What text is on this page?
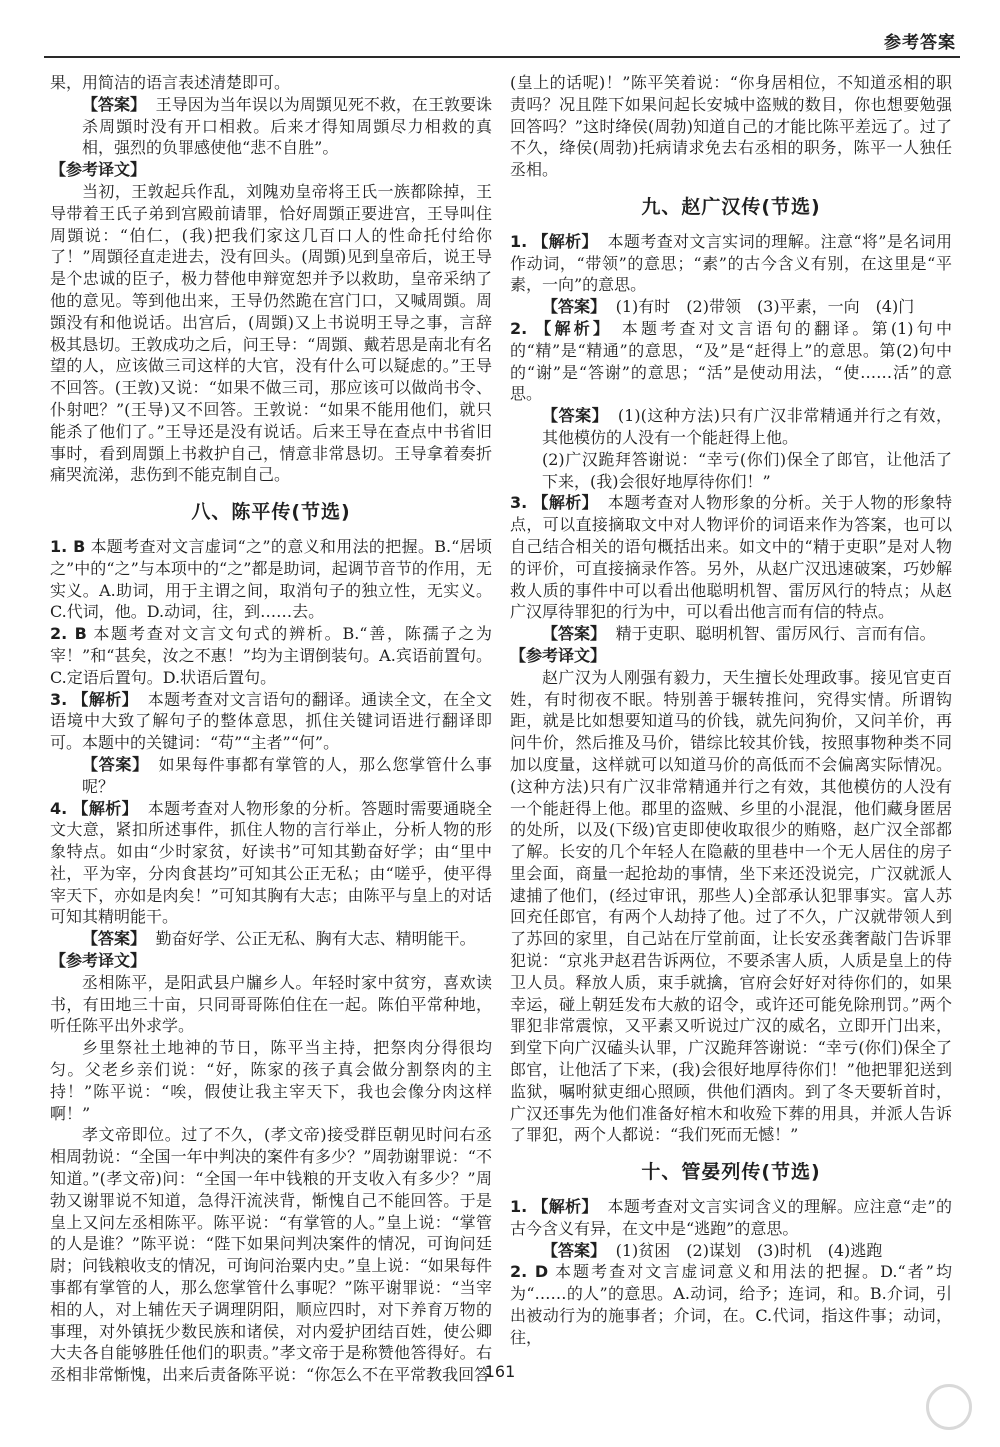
参考答案

果，用简洁的语言表述清楚即可。

【答案】 王导因为当年误以为周顗见死不救，在王敦要诛杀周顗时没有开口相救。后来才得知周顗尽力相救的真相，强烈的负罪感使他“悲不自胜”。

【参考译文】

当初，王敦起兵作乱，刘隗劝皇帝将王氏一族都除掉，王导带着王氏子弟到宫殿前请罪，恰好周顗正要进宫，王导叫住周顗说：“伯仁，(我)把我们家这几百口人的性命托付给你了！”周顗径直走进去，没有回头。(周顗)见到皇帝后，说王导是个忠诚的臣子，极力替他申辩宽恕并予以救助，皇帝采纳了他的意见。等到他出来，王导仍然跪在宫门口，又喊周顗。周顗没有和他说话。出宫后，(周顗)又上书说明王导之事，言辞极其恳切。王敦成功之后，问王导：“周顗、戴若思是南北有名望的人，应该做三司这样的大官，没有什么可以疑虑的。”王导不回答。(王敦)又说：“如果不做三司，那应该可以做尚书令、仆射吧？”(王导)又不回答。王敦说：“如果不能用他们，就只能杀了他们了。”王导还是没有说话。后来王导在查点中书省旧事时，看到周顗上书救护自己，情意非常恳切。王导拿着奏折痛哭流涕，悲伤到不能克制自己。

八、陈平传(节选)

1. B 本题考查对文言虚词“之”的意义和用法的把握。B.“居顷之”中的“之”与本项中的“之”都是助词，起调节音节的作用，无实义。A.助词，用于主谓之间，取消句子的独立性，无实义。C.代词，他。D.动词，往，到……去。

2. B 本题考查对文言文句式的辨析。B.“善，陈孺子之为宰！”和“甚矣，汝之不惠！”均为主谓倒装句。A.宾语前置句。C.定语后置句。D.状语后置句。

3. 【解析】 本题考查对文言语句的翻译。通读全文，在全文语境中大致了解句子的整体意思，抓住关键词语进行翻译即可。本题中的关键词：“苟”“主者”“何”。

【答案】 如果每件事都有掌管的人，那么您掌管什么事呢？

4. 【解析】 本题考查对人物形象的分析。答题时需要通晓全文大意，紧扣所述事件，抓住人物的言行举止，分析人物的形象特点。如由“少时家贫，好读书”可知其勤奋好学；由“里中社，平为宰，分肉食甚均”可知其公正无私；由“嗟乎，使平得宰天下，亦如是肉矣！”可知其胸有大志；由陈平与皇上的对话可知其精明能干。

【答案】 勤奋好学、公正无私、胸有大志、精明能干。

【参考译文】

丞相陈平，是阳武县户牖乡人。年轻时家中贫穷，喜欢读书，有田地三十亩，只同哥哥陈伯住在一起。陈伯平常种地，听任陈平出外求学。

乡里祭社土地神的节日，陈平当主持，把祭肉分得很均匀。父老乡亲们说：“好，陈家的孩子真会做分割祭肉的主持！”陈平说：“唉，假使让我主宰天下，我也会像分肉这样啊！”

孝文帝即位。过了不久，(孝文帝)接受群臣朝见时问右丞相周勃说：“全国一年中判决的案件有多少？”周勃谢罪说：“不知道。”(孝文帝)问：“全国一年中钱粮的开支收入有多少？”周勃又谢罪说不知道，急得汗流浃背，惭愧自己不能回答。于是皇上又问左丞相陈平。陈平说：“有掌管的人。”皇上说：“掌管的人是谁？”陈平说：“陛下如果问判决案件的情况，可询问廷尉；问钱粮收支的情况，可询问治粟内史。”皇上说：“如果每件事都有掌管的人，那么您掌管什么事呢？”陈平谢罪说：“当宰相的人，对上辅佐天子调理阴阳，顺应四时，对下养育万物的事理，对外镇抚少数民族和诸侯，对内爱护团结百姓，使公卿大夫各自能够胜任他们的职责。”孝文帝于是称赞他答得好。右丞相非常惭愧，出来后责备陈平说：“你怎么不在平常教我回答

(皇上的话呢)！”陈平笑着说：“你身居相位，不知道丞相的职责吗？况且陛下如果问起长安城中盗贼的数目，你也想要勉强回答吗？”这时绛侯(周勃)知道自己的才能比陈平差远了。过了不久，绛侯(周勃)托病请求免去右丞相的职务，陈平一人独任丞相。

九、赵广汉传(节选)

1. 【解析】 本题考查对文言实词的理解。注意“将”是名词用作动词，“带领”的意思；“素”的古今含义有别，在这里是“平素，一向”的意思。

【答案】 (1)有时　(2)带领　(3)平素，一向　(4)门

2. 【解析】 本题考查对文言语句的翻译。第(1)句中的“精”是“精通”的意思，“及”是“赶得上”的意思。第(2)句中的“谢”是“答谢”的意思；“活”是使动用法，“使……活”的意思。

【答案】 (1)(这种方法)只有广汉非常精通并行之有效，其他模仿的人没有一个能赶得上他。

(2)广汉跪拜答谢说：“幸亏(你们)保全了郎官，让他活了下来，(我)会很好地厚待你们！”

3. 【解析】 本题考查对人物形象的分析。关于人物的形象特点，可以直接摘取文中对人物评价的词语来作为答案，也可以自己结合相关的语句概括出来。如文中的“精于吏职”是对人物的评价，可直接摘录作答。另外，从赵广汉迅速破案，巧妙解救人质的事件中可以看出他聪明机智、雷厉风行的特点；从赵广汉厚待罪犯的行为中，可以看出他言而有信的特点。

【答案】 精于吏职、聪明机智、雷厉风行、言而有信。

【参考译文】

赵广汉为人刚强有毅力，天生擅长处理政事。接见官吏百姓，有时彻夜不眠。特别善于辗转推问，究得实情。所谓钩距，就是比如想要知道马的价钱，就先问狗价，又问羊价，再问牛价，然后推及马价，错综比较其价钱，按照事物种类不同加以度量，这样就可以知道马价的高低而不会偏离实际情况。(这种方法)只有广汉非常精通并行之有效，其他模仿的人没有一个能赶得上他。郡里的盗贼、乡里的小混混，他们藏身匿居的处所，以及(下级)官吏即使收取很少的贿赂，赵广汉全部都了解。长安的几个年轻人在隐蔽的里巷中一个无人居住的房子里会面，商量一起抢劫的事情，坐下来还没说完，广汉就派人逮捕了他们，(经过审讯，那些人)全部承认犯罪事实。富人苏回充任郎官，有两个人劫持了他。过了不久，广汉就带领人到了苏回的家里，自己站在厅堂前面，让长安丞龚奢敲门告诉罪犯说：“京兆尹赵君告诉两位，不要杀害人质，人质是皇上的侍卫人员。释放人质，束手就擒，官府会好好对待你们的，如果幸运，碰上朝廷发布大赦的诏令，或许还可能免除刑罚。”两个罪犯非常震惊，又平素又听说过广汉的威名，立即开门出来，到堂下向广汉磕头认罪，广汉跪拜答谢说：“幸亏(你们)保全了郎官，让他活了下来，(我)会很好地厚待你们！”他把罪犯送到监狱，嘱咐狱吏细心照顾，供他们酒肉。到了冬天要斩首时，广汉还事先为他们准备好棺木和收殓下葬的用具，并派人告诉了罪犯，两个人都说：“我们死而无憾！”

十、管晏列传(节选)

1. 【解析】 本题考查对文言实词含义的理解。应注意“走”的古今含义有异，在文中是“逃跑”的意思。

【答案】 (1)贫困　(2)谋划　(3)时机　(4)逃跑

2. D 本题考查对文言虚词意义和用法的把握。D.“者”均为“……的人”的意思。A.动词，给予；连词，和。B.介词，引出被动行为的施事者；介词，在。C.代词，指这件事；动词，往，

161
